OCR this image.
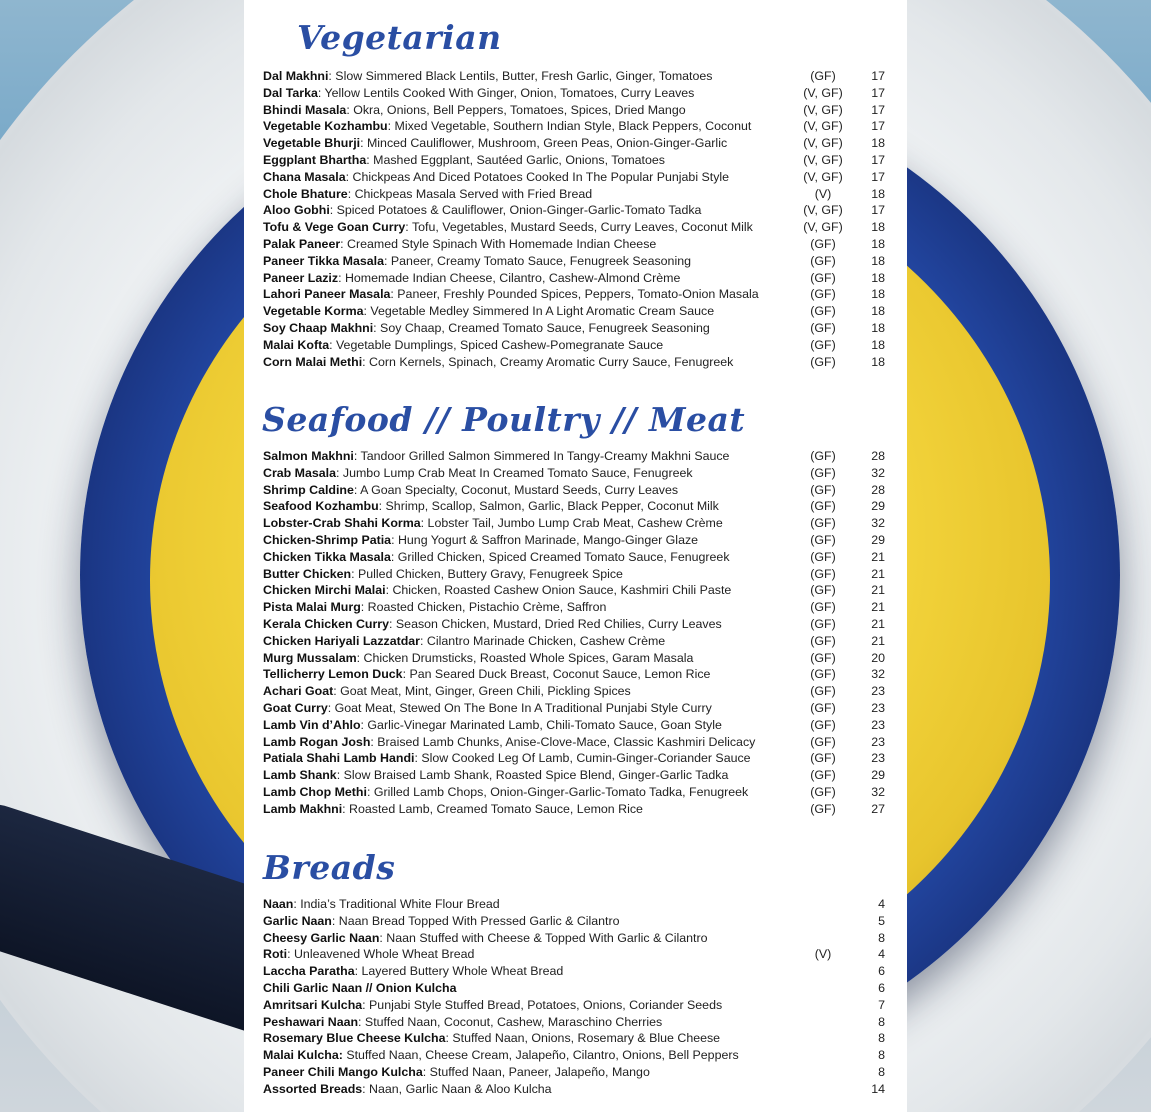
Vegetarian
Dal Makhni: Slow Simmered Black Lentils, Butter, Fresh Garlic, Ginger, Tomatoes	(GF)	17
Dal Tarka: Yellow Lentils Cooked With Ginger, Onion, Tomatoes, Curry Leaves	(V, GF)	17
Bhindi Masala: Okra, Onions, Bell Peppers, Tomatoes, Spices, Dried Mango	(V, GF)	17
Vegetable Kozhambu: Mixed Vegetable, Southern Indian Style, Black Peppers, Coconut	(V, GF)	17
Vegetable Bhurji: Minced Cauliflower, Mushroom, Green Peas, Onion-Ginger-Garlic	(V, GF)	18
Eggplant Bhartha: Mashed Eggplant, Sautéed Garlic, Onions, Tomatoes	(V, GF)	17
Chana Masala: Chickpeas And Diced Potatoes Cooked In The Popular Punjabi Style	(V, GF)	17
Chole Bhature: Chickpeas Masala Served with Fried Bread	(V)	18
Aloo Gobhi: Spiced Potatoes & Cauliflower, Onion-Ginger-Garlic-Tomato Tadka	(V, GF)	17
Tofu & Vege Goan Curry: Tofu, Vegetables, Mustard Seeds, Curry Leaves, Coconut Milk	(V, GF)	18
Palak Paneer: Creamed Style Spinach With Homemade Indian Cheese	(GF)	18
Paneer Tikka Masala: Paneer, Creamy Tomato Sauce, Fenugreek Seasoning	(GF)	18
Paneer Laziz: Homemade Indian Cheese, Cilantro, Cashew-Almond Crème	(GF)	18
Lahori Paneer Masala: Paneer, Freshly Pounded Spices, Peppers, Tomato-Onion Masala	(GF)	18
Vegetable Korma: Vegetable Medley Simmered In A Light Aromatic Cream Sauce	(GF)	18
Soy Chaap Makhni: Soy Chaap, Creamed Tomato Sauce, Fenugreek Seasoning	(GF)	18
Malai Kofta: Vegetable Dumplings, Spiced Cashew-Pomegranate Sauce	(GF)	18
Corn Malai Methi: Corn Kernels, Spinach, Creamy Aromatic Curry Sauce, Fenugreek	(GF)	18
Seafood // Poultry // Meat
Salmon Makhni: Tandoor Grilled Salmon Simmered In Tangy-Creamy Makhni Sauce	(GF)	28
Crab Masala: Jumbo Lump Crab Meat In Creamed Tomato Sauce, Fenugreek	(GF)	32
Shrimp Caldine: A Goan Specialty, Coconut, Mustard Seeds, Curry Leaves	(GF)	28
Seafood Kozhambu: Shrimp, Scallop, Salmon, Garlic, Black Pepper, Coconut Milk	(GF)	29
Lobster-Crab Shahi Korma: Lobster Tail, Jumbo Lump Crab Meat, Cashew Crème	(GF)	32
Chicken-Shrimp Patia: Hung Yogurt & Saffron Marinade, Mango-Ginger Glaze	(GF)	29
Chicken Tikka Masala: Grilled Chicken, Spiced Creamed Tomato Sauce, Fenugreek	(GF)	21
Butter Chicken: Pulled Chicken, Buttery Gravy, Fenugreek Spice	(GF)	21
Chicken Mirchi Malai: Chicken, Roasted Cashew Onion Sauce, Kashmiri Chili Paste	(GF)	21
Pista Malai Murg: Roasted Chicken, Pistachio Crème, Saffron	(GF)	21
Kerala Chicken Curry: Season Chicken, Mustard, Dried Red Chilies, Curry Leaves	(GF)	21
Chicken Hariyali Lazzatdar: Cilantro Marinade Chicken, Cashew Crème	(GF)	21
Murg Mussalam: Chicken Drumsticks, Roasted Whole Spices, Garam Masala	(GF)	20
Tellicherry Lemon Duck: Pan Seared Duck Breast, Coconut Sauce, Lemon Rice	(GF)	32
Achari Goat: Goat Meat, Mint, Ginger, Green Chili, Pickling Spices	(GF)	23
Goat Curry: Goat Meat, Stewed On The Bone In A Traditional Punjabi Style Curry	(GF)	23
Lamb Vin d’Ahlo: Garlic-Vinegar Marinated Lamb, Chili-Tomato Sauce, Goan Style	(GF)	23
Lamb Rogan Josh: Braised Lamb Chunks, Anise-Clove-Mace, Classic Kashmiri Delicacy	(GF)	23
Patiala Shahi Lamb Handi: Slow Cooked Leg Of Lamb, Cumin-Ginger-Coriander Sauce	(GF)	23
Lamb Shank: Slow Braised Lamb Shank, Roasted Spice Blend, Ginger-Garlic Tadka	(GF)	29
Lamb Chop Methi: Grilled Lamb Chops, Onion-Ginger-Garlic-Tomato Tadka, Fenugreek	(GF)	32
Lamb Makhni: Roasted Lamb, Creamed Tomato Sauce, Lemon Rice	(GF)	27
Breads
Naan: India’s Traditional White Flour Bread	4
Garlic Naan: Naan Bread Topped With Pressed Garlic & Cilantro	5
Cheesy Garlic Naan: Naan Stuffed with Cheese & Topped With Garlic & Cilantro	8
Roti: Unleavened Whole Wheat Bread	(V)	4
Laccha Paratha: Layered Buttery Whole Wheat Bread	6
Chili Garlic Naan // Onion Kulcha	6
Amritsari Kulcha: Punjabi Style Stuffed Bread, Potatoes, Onions, Coriander Seeds	7
Peshawari Naan: Stuffed Naan, Coconut, Cashew, Maraschino Cherries	8
Rosemary Blue Cheese Kulcha: Stuffed Naan, Onions, Rosemary & Blue Cheese	8
Malai Kulcha: Stuffed Naan, Cheese Cream, Jalapeño, Cilantro, Onions, Bell Peppers	8
Paneer Chili Mango Kulcha: Stuffed Naan, Paneer, Jalapeño, Mango	8
Assorted Breads: Naan, Garlic Naan & Aloo Kulcha	14
